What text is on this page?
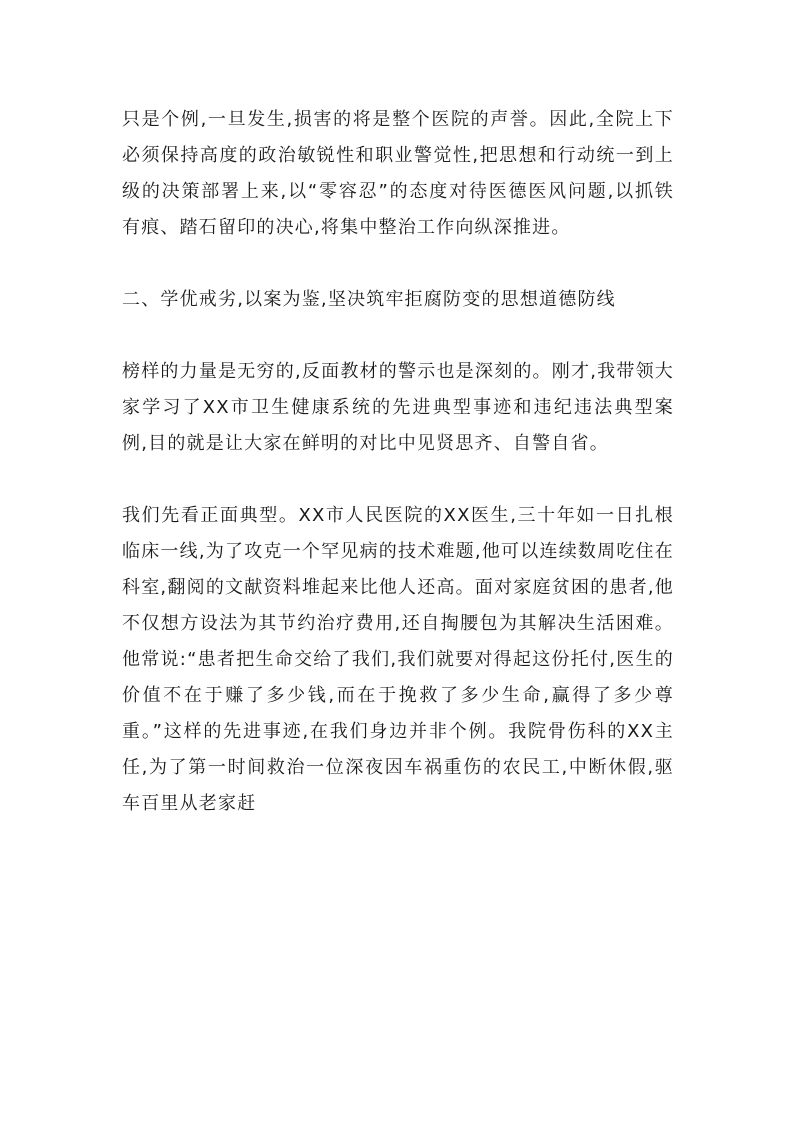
只是个例,一旦发生,损害的将是整个医院的声誉。因此,全院上下必须保持高度的政治敏锐性和职业警觉性,把思想和行动统一到上级的决策部署上来,以“零容忍”的态度对待医德医风问题,以抓铁有痕、踏石留印的决心,将集中整治工作向纵深推进。

二、学优戒劣,以案为鉴,坚决筑牢拒腐防变的思想道德防线

榜样的力量是无穷的,反面教材的警示也是深刻的。刚才,我带领大家学习了XX市卫生健康系统的先进典型事迹和违纪违法典型案例,目的就是让大家在鲜明的对比中见贤思齐、自警自省。

我们先看正面典型。XX市人民医院的XX医生,三十年如一日扎根临床一线,为了攻克一个罕见病的技术难题,他可以连续数周吃住在科室,翻阅的文献资料堆起来比他人还高。面对家庭贫困的患者,他不仅想方设法为其节约治疗费用,还自掏腰包为其解决生活困难。他常说:“患者把生命交给了我们,我们就要对得起这份托付,医生的价值不在于赚了多少钱,而在于挽救了多少生命,赢得了多少尊重。”这样的先进事迹,在我们身边并非个例。我院骨伤科的XX主任,为了第一时间救治一位深夜因车祸重伤的农民工,中断休假,驱车百里从老家赶
